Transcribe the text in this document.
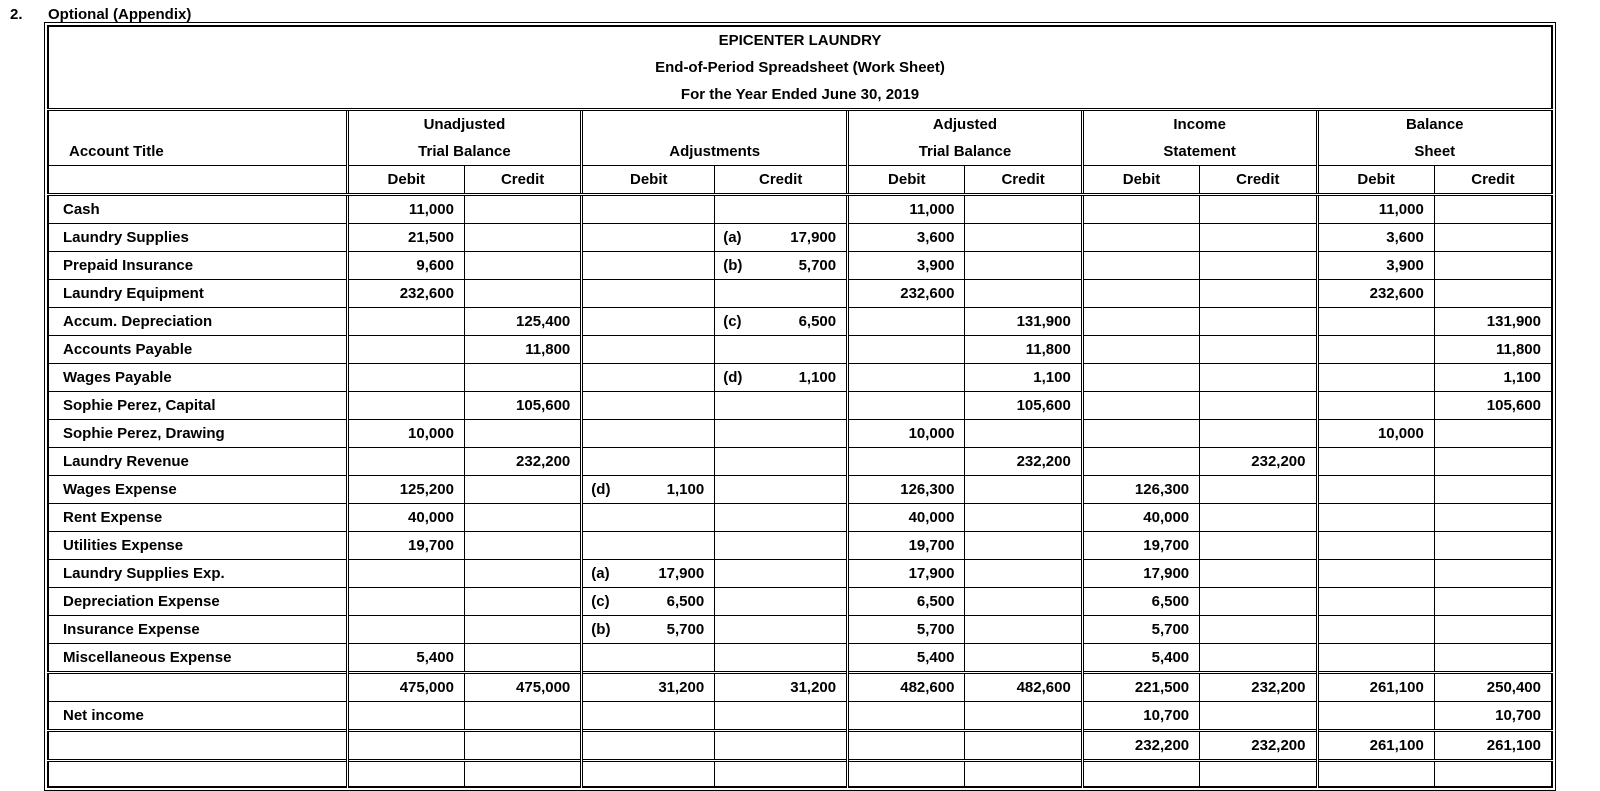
2.	Optional (Appendix)
EPICENTER LAUNDRY										
End-of-Period Spreadsheet (Work Sheet)										
For the Year Ended June 30, 2019										
Account Title	Unadjusted				Adjusted		Income		Balance	
	Trial Balance		Adjustments		Trial Balance		Statement		Sheet	
	Debit	Credit	Debit	Credit	Debit	Credit	Debit	Credit	Debit	Credit
Cash	11,000				11,000				11,000	
Laundry Supplies	21,500			(a) 17,900	3,600				3,600	
Prepaid Insurance	9,600			(b) 5,700	3,900				3,900	
Laundry Equipment	232,600				232,600				232,600	
Accum. Depreciation		125,400		(c) 6,500		131,900				131,900
Accounts Payable		11,800				11,800				11,800
Wages Payable				(d) 1,100		1,100				1,100
Sophie Perez, Capital		105,600				105,600				105,600
Sophie Perez, Drawing	10,000				10,000				10,000	
Laundry Revenue		232,200				232,200		232,200		
Wages Expense	125,200		(d) 1,100		126,300		126,300			
Rent Expense	40,000				40,000		40,000			
Utilities Expense	19,700				19,700		19,700			
Laundry Supplies Exp.			(a) 17,900		17,900		17,900			
Depreciation Expense			(c) 6,500		6,500		6,500			
Insurance Expense			(b) 5,700		5,700		5,700			
Miscellaneous Expense	5,400				5,400		5,400			
	475,000	475,000	31,200	31,200	482,600	482,600	221,500	232,200	261,100	250,400
Net income							10,700			10,700
							232,200	232,200	261,100	261,100
